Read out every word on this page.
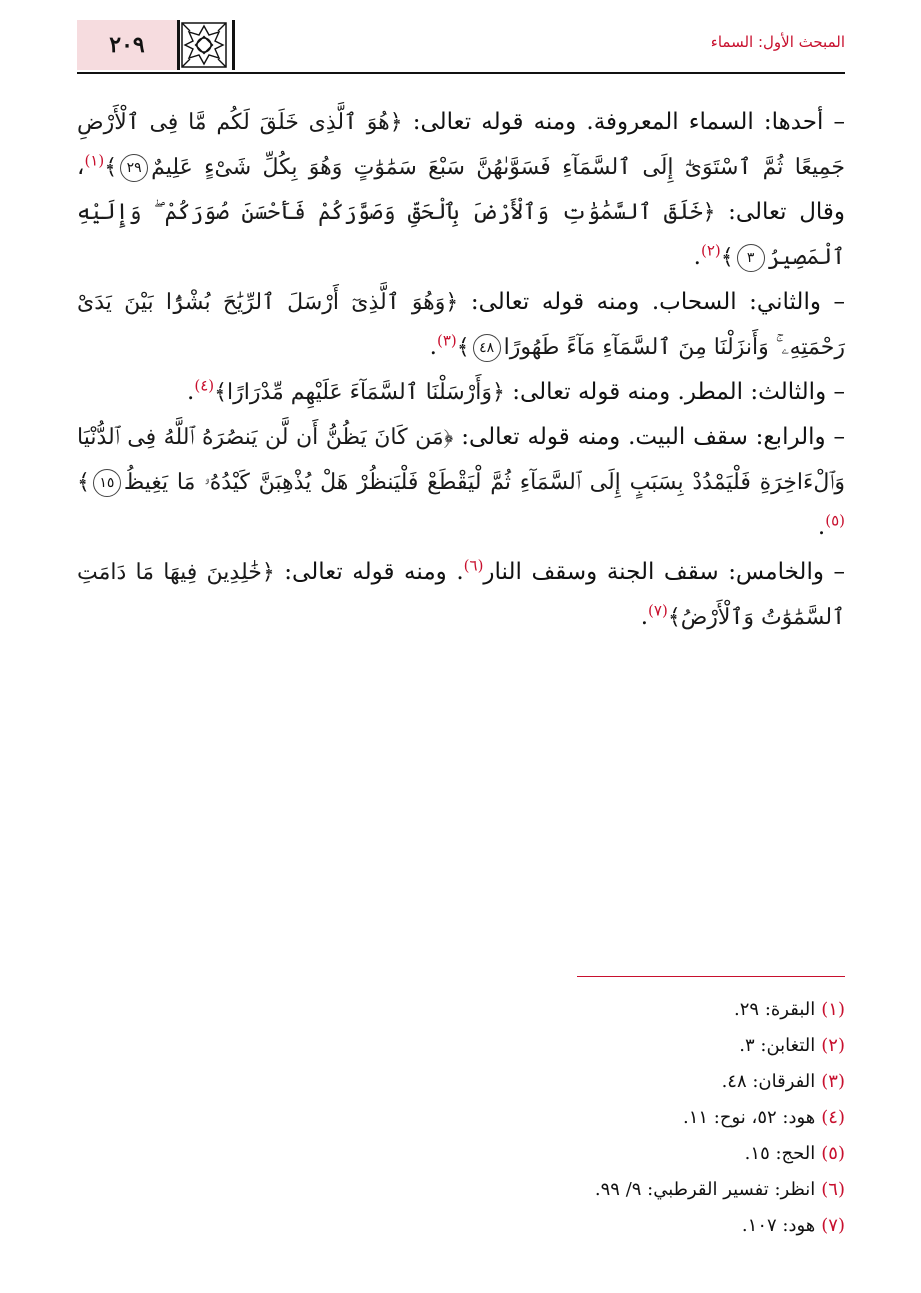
٢٠٩	المبحث الأول: السماء

– أحدها: السماء المعروفة. ومنه قوله تعالى: ﴿هُوَ ٱلَّذِى خَلَقَ لَكُم مَّا فِى ٱلْأَرْضِ جَمِيعًا ثُمَّ ٱسْتَوَىٰٓ إِلَى ٱلسَّمَآءِ فَسَوَّىٰهُنَّ سَبْعَ سَمَٰوَٰتٍ وَهُوَ بِكُلِّ شَىْءٍ عَلِيمٌ٢٩﴾$^{(١)}$، وقال تعالى: ﴿خَلَقَ ٱلسَّمَٰوَٰتِ وَٱلْأَرْضَ بِٱلْحَقِّ وَصَوَّرَكُمْ فَأَحْسَنَ صُوَرَكُمْ ۖ وَإِلَيْهِ ٱلْمَصِيرُ٣﴾$^{(٢)}$.

– والثاني: السحاب. ومنه قوله تعالى: ﴿وَهُوَ ٱلَّذِىٓ أَرْسَلَ ٱلرِّيَٰحَ بُشْرًۢا بَيْنَ يَدَىْ رَحْمَتِهِۦ ۚ وَأَنزَلْنَا مِنَ ٱلسَّمَآءِ مَآءً طَهُورًا٤٨﴾$^{(٣)}$.

– والثالث: المطر. ومنه قوله تعالى: ﴿وَأَرْسَلْنَا ٱلسَّمَآءَ عَلَيْهِم مِّدْرَارًا﴾$^{(٤)}$.

– والرابع: سقف البيت. ومنه قوله تعالى: ﴿مَن كَانَ يَظُنُّ أَن لَّن يَنصُرَهُ ٱللَّهُ فِى ٱلدُّنْيَا وَٱلْءَاخِرَةِ فَلْيَمْدُدْ بِسَبَبٍ إِلَى ٱلسَّمَآءِ ثُمَّ لْيَقْطَعْ فَلْيَنظُرْ هَلْ يُذْهِبَنَّ كَيْدُهُۥ مَا يَغِيظُ١٥﴾$^{(٥)}$.

– والخامس: سقف الجنة وسقف النار$^{(٦)}$. ومنه قوله تعالى: ﴿خَٰلِدِينَ فِيهَا مَا دَامَتِ ٱلسَّمَٰوَٰتُ وَٱلْأَرْضُ﴾$^{(٧)}$.

(١)البقرة: ٢٩.
(٢)التغابن: ٣.
(٣)الفرقان: ٤٨.
(٤)هود: ٥٢، نوح: ١١.
(٥)الحج: ١٥.
(٦)انظر: تفسير القرطبي: ٩/ ٩٩.
(٧)هود: ١٠٧.
